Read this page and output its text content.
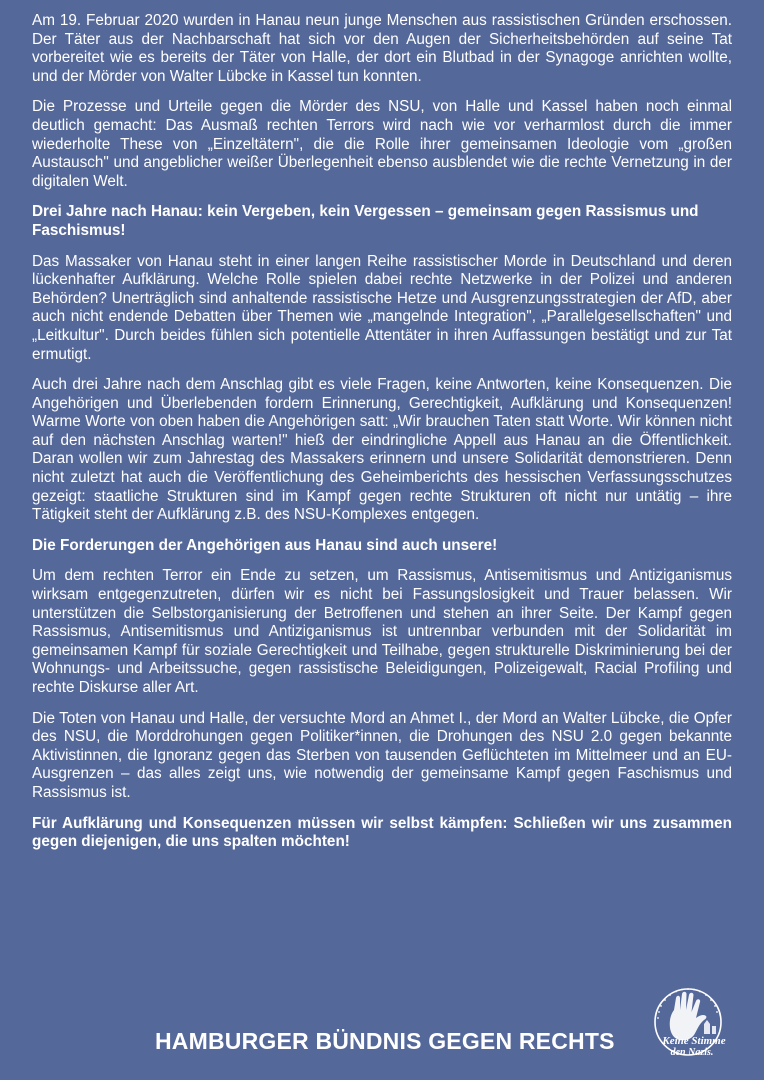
Am 19. Februar 2020 wurden in Hanau neun junge Menschen aus rassistischen Gründen erschossen. Der Täter aus der Nachbarschaft hat sich vor den Augen der Sicherheitsbehörden auf seine Tat vorbereitet wie es bereits der Täter von Halle, der dort ein Blutbad in der Synagoge anrichten wollte, und der Mörder von Walter Lübcke in Kassel tun konnten.

Die Prozesse und Urteile gegen die Mörder des NSU, von Halle und Kassel haben noch einmal deutlich gemacht: Das Ausmaß rechten Terrors wird nach wie vor verharmlost durch die immer wiederholte These von „Einzeltätern", die die Rolle ihrer gemeinsamen Ideologie vom „großen Austausch" und angeblicher weißer Überlegenheit ebenso ausblendet wie die rechte Vernetzung in der digitalen Welt.

Drei Jahre nach Hanau: kein Vergeben, kein Vergessen – gemeinsam gegen Rassismus und Faschismus!

Das Massaker von Hanau steht in einer langen Reihe rassistischer Morde in Deutschland und deren lückenhafter Aufklärung. Welche Rolle spielen dabei rechte Netzwerke in der Polizei und anderen Behörden? Unerträglich sind anhaltende rassistische Hetze und Ausgrenzungsstrategien der AfD, aber auch nicht endende Debatten über Themen wie „mangelnde Integration", „Parallelgesellschaften" und „Leitkultur". Durch beides fühlen sich potentielle Attentäter in ihren Auffassungen bestätigt und zur Tat ermutigt.

Auch drei Jahre nach dem Anschlag gibt es viele Fragen, keine Antworten, keine Konsequenzen. Die Angehörigen und Überlebenden fordern Erinnerung, Gerechtigkeit, Aufklärung und Konsequenzen! Warme Worte von oben haben die Angehörigen satt: „Wir brauchen Taten statt Worte. Wir können nicht auf den nächsten Anschlag warten!" hieß der eindringliche Appell aus Hanau an die Öffentlichkeit. Daran wollen wir zum Jahrestag des Massakers erinnern und unsere Solidarität demonstrieren. Denn nicht zuletzt hat auch die Veröffentlichung des Geheimberichts des hessischen Verfassungsschutzes gezeigt: staatliche Strukturen sind im Kampf gegen rechte Strukturen oft nicht nur untätig – ihre Tätigkeit steht der Aufklärung z.B. des NSU-Komplexes entgegen.

Die Forderungen der Angehörigen aus Hanau sind auch unsere!

Um dem rechten Terror ein Ende zu setzen, um Rassismus, Antisemitismus und Antiziganismus wirksam entgegenzutreten, dürfen wir es nicht bei Fassungslosigkeit und Trauer belassen. Wir unterstützen die Selbstorganisierung der Betroffenen und stehen an ihrer Seite. Der Kampf gegen Rassismus, Antisemitismus und Antiziganismus ist untrennbar verbunden mit der Solidarität im gemeinsamen Kampf für soziale Gerechtigkeit und Teilhabe, gegen strukturelle Diskriminierung bei der Wohnungs- und Arbeitssuche, gegen rassistische Beleidigungen, Polizeigewalt, Racial Profiling und rechte Diskurse aller Art.

Die Toten von Hanau und Halle, der versuchte Mord an Ahmet I., der Mord an Walter Lübcke, die Opfer des NSU, die Morddrohungen gegen Politiker*innen, die Drohungen des NSU 2.0 gegen bekannte Aktivistinnen, die Ignoranz gegen das Sterben von tausenden Geflüchteten im Mittelmeer und an EU-Ausgrenzen – das alles zeigt uns, wie notwendig der gemeinsame Kampf gegen Faschismus und Rassismus ist.

Für Aufklärung und Konsequenzen müssen wir selbst kämpfen: Schließen wir uns zusammen gegen diejenigen, die uns spalten möchten!

HAMBURGER BÜNDNIS GEGEN RECHTS	Keine Stimme
den Nazis.
